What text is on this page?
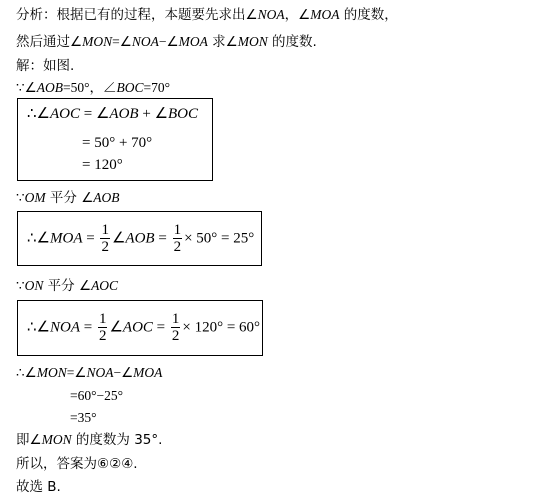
分析：根据已有的过程，本题要先求出∠NOA，∠MOA 的度数，
然后通过∠MON=∠NOA−∠MOA 求∠MON 的度数.
解：如图.
∵∠AOB=50°，∠BOC=70°
∴∠AOC = ∠AOB + ∠BOC
= 50° + 70°
= 120°
∵OM 平分 ∠AOB
∴∠MOA = $\frac{1}{2}$ ∠AOB = $\frac{1}{2} \times 50^\circ = 25^\circ$
∵ON 平分 ∠AOC
∴∠NOA = $\frac{1}{2}$ ∠AOC = $\frac{1}{2} \times 120^\circ = 60^\circ$
∴∠MON=∠NOA−∠MOA
=60°−25°
=35°
即∠MON 的度数为 35°.
所以，答案为⑥②④.
故选 B.
